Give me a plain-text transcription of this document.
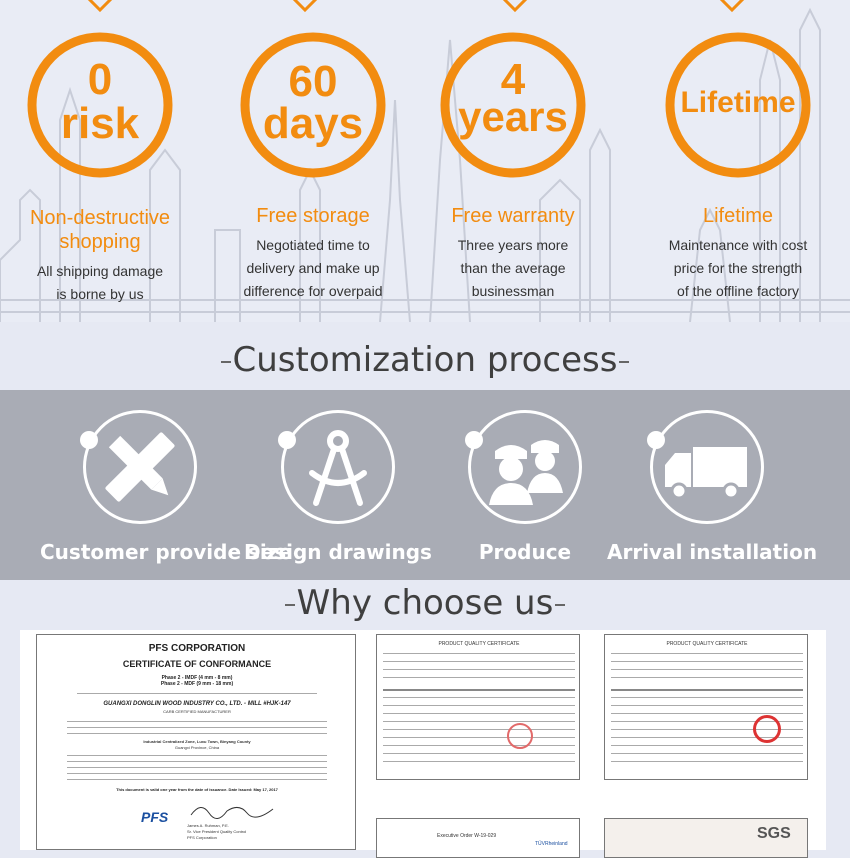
0
risk
Non-destructive shopping
All shipping damage
is borne by us
60
days
Free storage
Negotiated time to
delivery and make up
difference for overpaid
4
years
Free warranty
Three years more
than the average
businessman
Lifetime
Lifetime
Maintenance with cost
price for the strength
of the offline factory
Customization process
Customer provide size
Design drawings	Produce	Arrival installation
Why choose us
PFS CORPORATION
CERTIFICATE OF CONFORMANCE
Phase 2 - IMDF (4 mm - 8 mm)
Phase 2 - MDF (9 mm - 18 mm)
GUANGXI DONGLIN WOOD INDUSTRY CO., LTD. - MILL #HJK-147
CARB CERTIFIED MANUFACTURER
Industrial Centralized Zone, Luxu Town, Binyang County
Guangxi Province, China
This document is valid one year from the date of issuance. Date Issued: May 17, 2017
PFS
James A. Ruhman, P.E.
Sr. Vice President Quality Control
PFS Corporation
PRODUCT QUALITY CERTIFICATE	PRODUCT QUALITY CERTIFICATE
Executive Order W-19-029
TÜVRheinland
SGS
